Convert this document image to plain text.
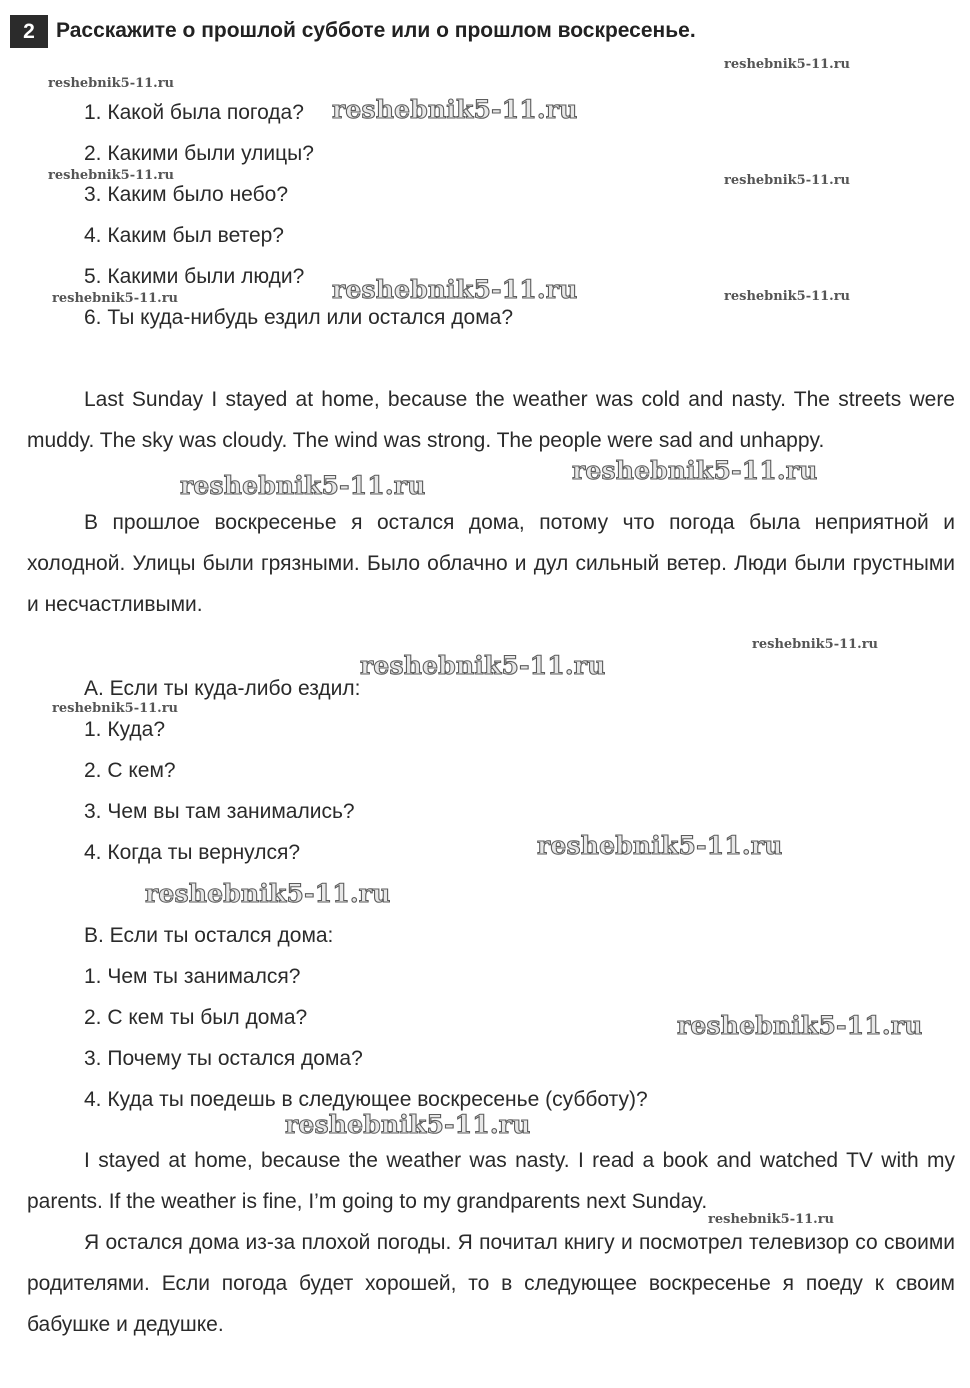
2	Расскажите о прошлой субботе или о прошлом воскресенье.
1. Какой была погода?
2. Какими были улицы?
3. Каким было небо?
4. Каким был ветер?
5. Какими были люди?
6. Ты куда-нибудь ездил или остался дома?

Last Sunday I stayed at home, because the weather was cold and nasty. The streets were muddy. The sky was cloudy. The wind was strong. The people were sad and unhappy.

В прошлое воскресенье я остался дома, потому что погода была неприятной и холодной. Улицы были грязными. Было облачно и дул сильный ветер. Люди были грустными и несчастливыми.

А. Если ты куда-либо ездил:
1. Куда?
2. С кем?
3. Чем вы там занимались?
4. Когда ты вернулся?
В. Если ты остался дома:
1. Чем ты занимался?
2. С кем ты был дома?
3. Почему ты остался дома?
4. Куда ты поедешь в следующее воскресенье (субботу)?

I stayed at home, because the weather was nasty. I read a book and watched TV with my parents. If the weather is fine, I’m going to my grandparents next Sunday.

Я остался дома из-за плохой погоды. Я почитал книгу и посмотрел телевизор со своими родителями. Если погода будет хорошей, то в следующее воскресенье я поеду к своим бабушке и дедушке.

reshebnik5-11.ru
reshebnik5-11.ru
reshebnik5-11.ru
reshebnik5-11.ru
reshebnik5-11.ru
reshebnik5-11.ru
reshebnik5-11.ru
reshebnik5-11.ru
reshebnik5-11.ru
reshebnik5-11.ru
reshebnik5-11.ru
reshebnik5-11.ru	reshebnik5-11.ru
reshebnik5-11.ru	reshebnik5-11.ru
reshebnik5-11.ru
reshebnik5-11.ru
reshebnik5-11.ru
